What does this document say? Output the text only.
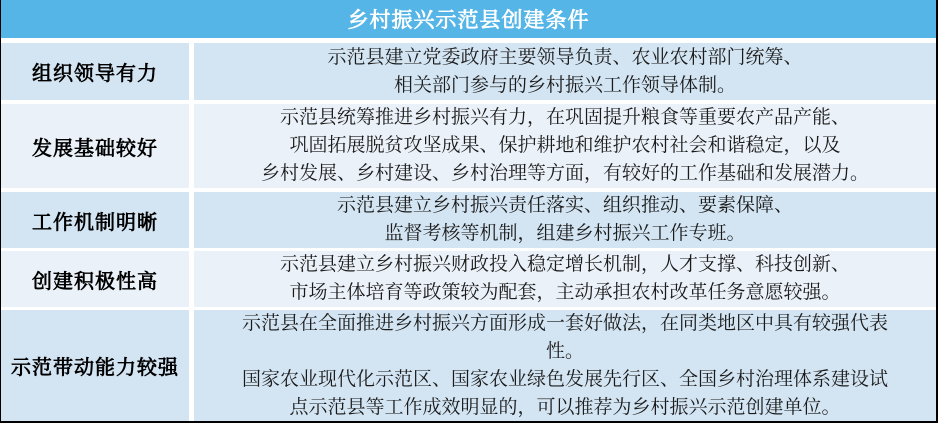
乡村振兴示范县创建条件
组织领导有力
示范县建立党委政府主要领导负责、农业农村部门统筹、
相关部门参与的乡村振兴工作领导体制。
发展基础较好
示范县统筹推进乡村振兴有力，在巩固提升粮食等重要农产品产能、
巩固拓展脱贫攻坚成果、保护耕地和维护农村社会和谐稳定，以及
乡村发展、乡村建设、乡村治理等方面，有较好的工作基础和发展潜力。
工作机制明晰
示范县建立乡村振兴责任落实、组织推动、要素保障、
监督考核等机制，组建乡村振兴工作专班。
创建积极性高
示范县建立乡村振兴财政投入稳定增长机制，人才支撑、科技创新、
市场主体培育等政策较为配套，主动承担农村改革任务意愿较强。
示范带动能力较强
示范县在全面推进乡村振兴方面形成一套好做法，在同类地区中具有较强代表
性。
国家农业现代化示范区、国家农业绿色发展先行区、全国乡村治理体系建设试
点示范县等工作成效明显的，可以推荐为乡村振兴示范创建单位。
